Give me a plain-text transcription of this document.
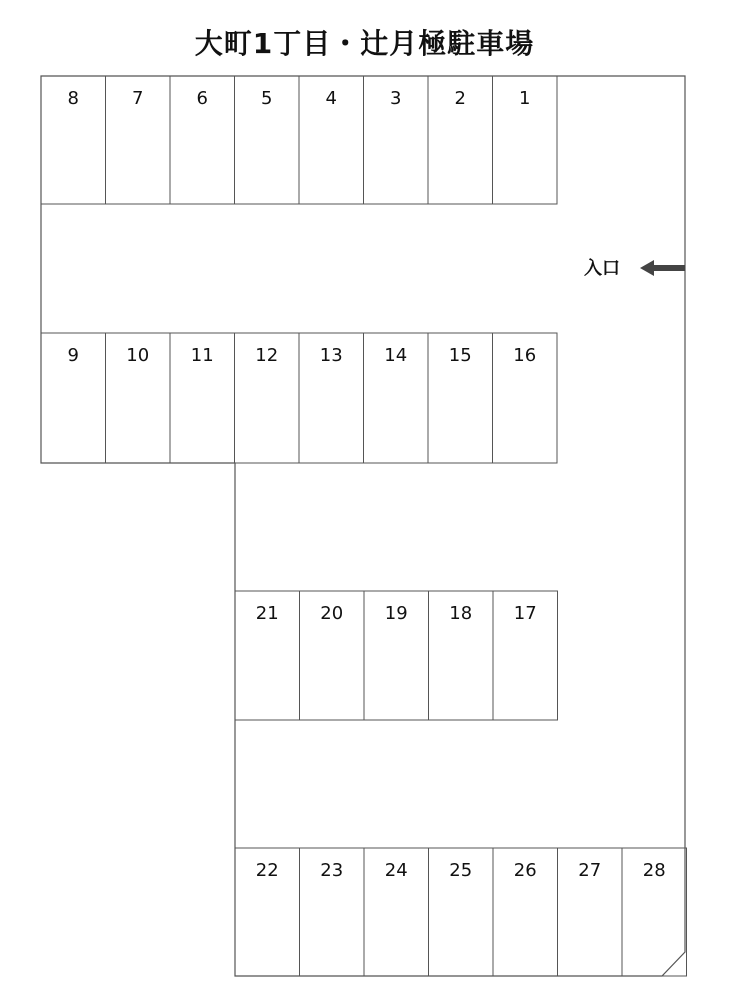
大町1丁目・辻月極駐車場
8	7	6	5	4	3	2	1
9	10 11 12 13 14 15 16
21 20 19 18 17
22 23 24 25 26 27 28
入口
